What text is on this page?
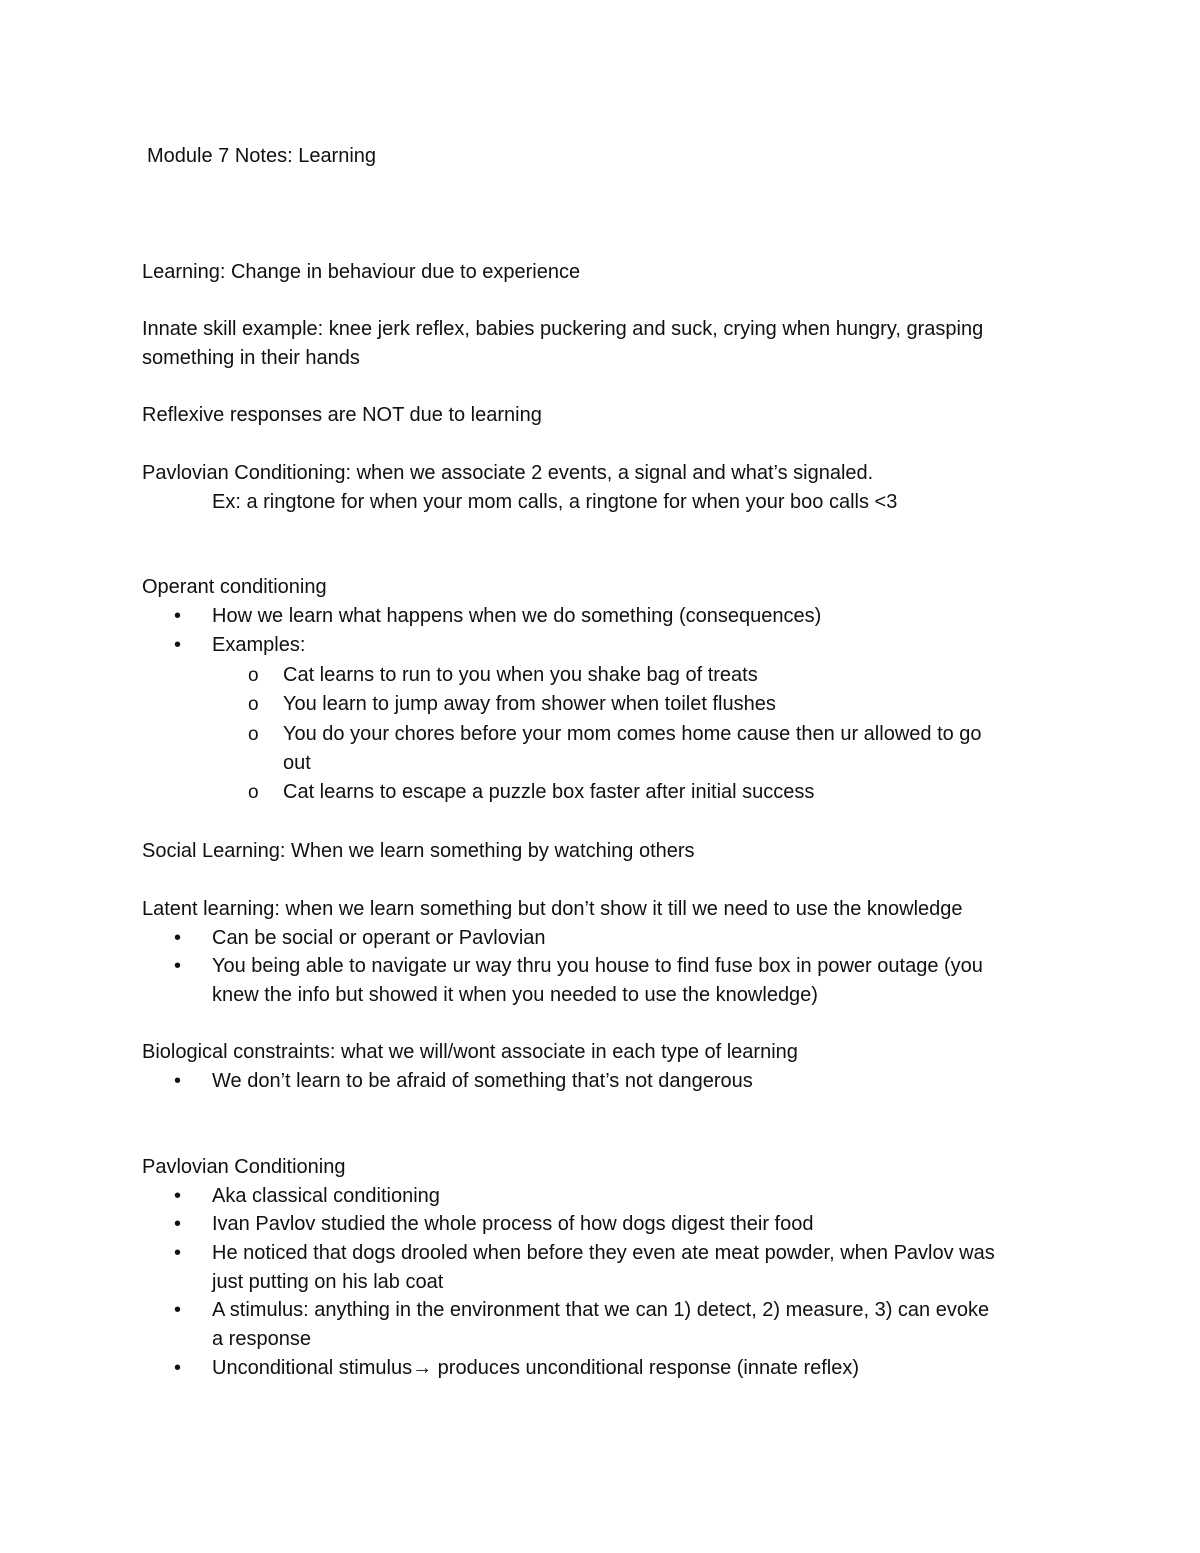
Module 7 Notes: Learning
Learning: Change in behaviour due to experience
Innate skill example: knee jerk reflex, babies puckering and suck, crying when hungry, grasping
something in their hands
Reflexive responses are NOT due to learning
Pavlovian Conditioning: when we associate 2 events, a signal and what’s signaled.
Ex: a ringtone for when your mom calls, a ringtone for when your boo calls <3
Operant conditioning
• How we learn what happens when we do something (consequences)
• Examples:
o Cat learns to run to you when you shake bag of treats
o You learn to jump away from shower when toilet flushes
o You do your chores before your mom comes home cause then ur allowed to go
out
o Cat learns to escape a puzzle box faster after initial success
Social Learning: When we learn something by watching others
Latent learning: when we learn something but don’t show it till we need to use the knowledge
• Can be social or operant or Pavlovian
• You being able to navigate ur way thru you house to find fuse box in power outage (you
knew the info but showed it when you needed to use the knowledge)
Biological constraints: what we will/wont associate in each type of learning
• We don’t learn to be afraid of something that’s not dangerous
Pavlovian Conditioning
• Aka classical conditioning
• Ivan Pavlov studied the whole process of how dogs digest their food
• He noticed that dogs drooled when before they even ate meat powder, when Pavlov was
just putting on his lab coat
• A stimulus: anything in the environment that we can 1) detect, 2) measure, 3) can evoke
a response
• Unconditional stimulus→ produces unconditional response (innate reflex)
